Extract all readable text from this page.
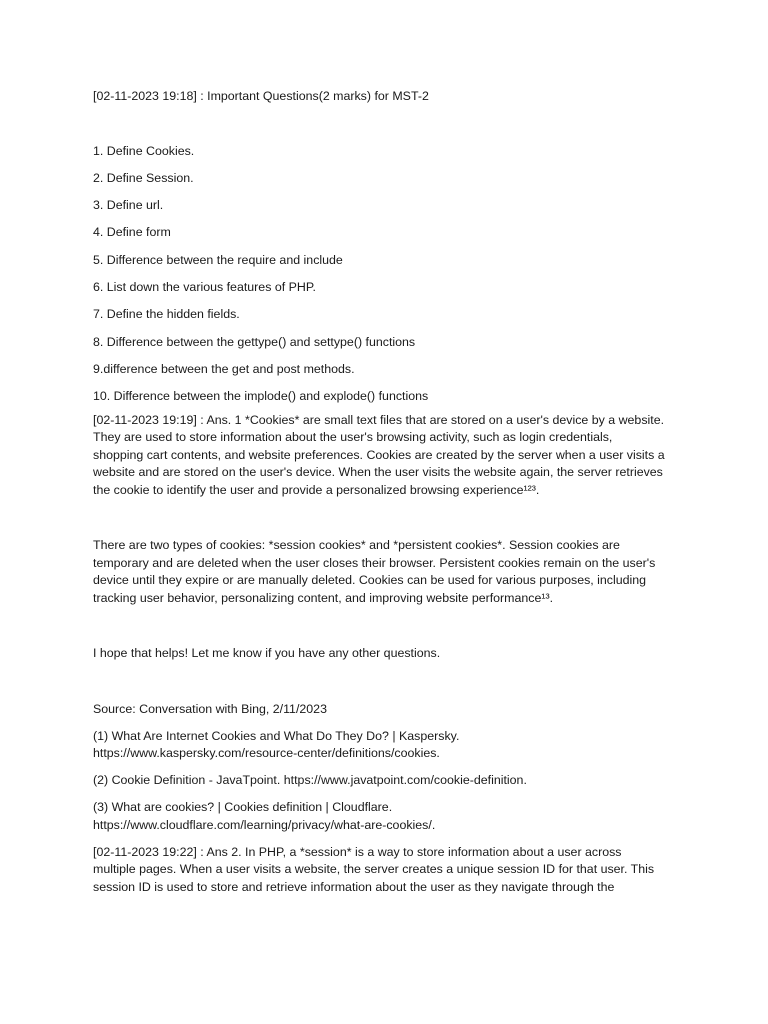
[02-11-2023 19:18] : Important Questions(2 marks) for MST-2

1. Define Cookies.

2. Define Session.

3. Define url.

4. Define form

5. Difference between the require and include

6. List down the various features of PHP.

7. Define the hidden fields.

8. Difference between the gettype() and settype() functions

9.difference between the get and post methods.

10. Difference between the implode() and explode() functions

[02-11-2023 19:19] : Ans. 1 *Cookies* are small text files that are stored on a user's device by a website. They are used to store information about the user's browsing activity, such as login credentials, shopping cart contents, and website preferences. Cookies are created by the server when a user visits a website and are stored on the user's device. When the user visits the website again, the server retrieves the cookie to identify the user and provide a personalized browsing experience¹²³.

There are two types of cookies: *session cookies* and *persistent cookies*. Session cookies are temporary and are deleted when the user closes their browser. Persistent cookies remain on the user's device until they expire or are manually deleted. Cookies can be used for various purposes, including tracking user behavior, personalizing content, and improving website performance¹³.

I hope that helps! Let me know if you have any other questions.

Source: Conversation with Bing, 2/11/2023

(1) What Are Internet Cookies and What Do They Do? | Kaspersky.
https://www.kaspersky.com/resource-center/definitions/cookies.

(2) Cookie Definition - JavaTpoint. https://www.javatpoint.com/cookie-definition.

(3) What are cookies? | Cookies definition | Cloudflare.
https://www.cloudflare.com/learning/privacy/what-are-cookies/.

[02-11-2023 19:22] : Ans 2. In PHP, a *session* is a way to store information about a user across multiple pages. When a user visits a website, the server creates a unique session ID for that user. This session ID is used to store and retrieve information about the user as they navigate through the
